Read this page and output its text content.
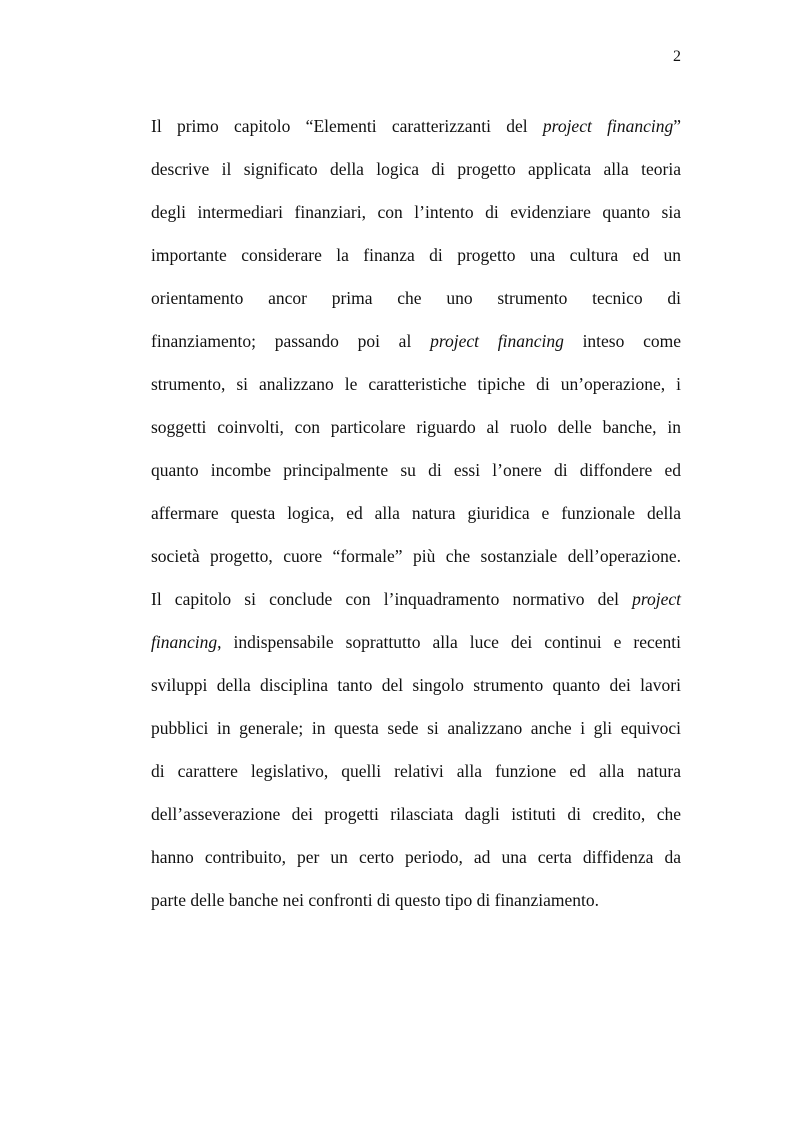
2
Il primo capitolo “Elementi caratterizzanti del project financing”
descrive il significato della logica di progetto applicata alla teoria
degli intermediari finanziari, con l’intento di evidenziare quanto sia
importante considerare la finanza di progetto una cultura ed un
orientamento ancor prima che uno strumento tecnico di
finanziamento; passando poi al project financing inteso come
strumento, si analizzano le caratteristiche tipiche di un’operazione, i
soggetti coinvolti, con particolare riguardo al ruolo delle banche, in
quanto incombe principalmente su di essi l’onere di diffondere ed
affermare questa logica, ed alla natura giuridica e funzionale della
società progetto, cuore “formale” più che sostanziale dell’operazione.
Il capitolo si conclude con l’inquadramento normativo del project
financing, indispensabile soprattutto alla luce dei continui e recenti
sviluppi della disciplina tanto del singolo strumento quanto dei lavori
pubblici in generale; in questa sede si analizzano anche i gli equivoci
di carattere legislativo, quelli relativi alla funzione ed alla natura
dell’asseverazione dei progetti rilasciata dagli istituti di credito, che
hanno contribuito, per un certo periodo, ad una certa diffidenza da
parte delle banche nei confronti di questo tipo di finanziamento.
